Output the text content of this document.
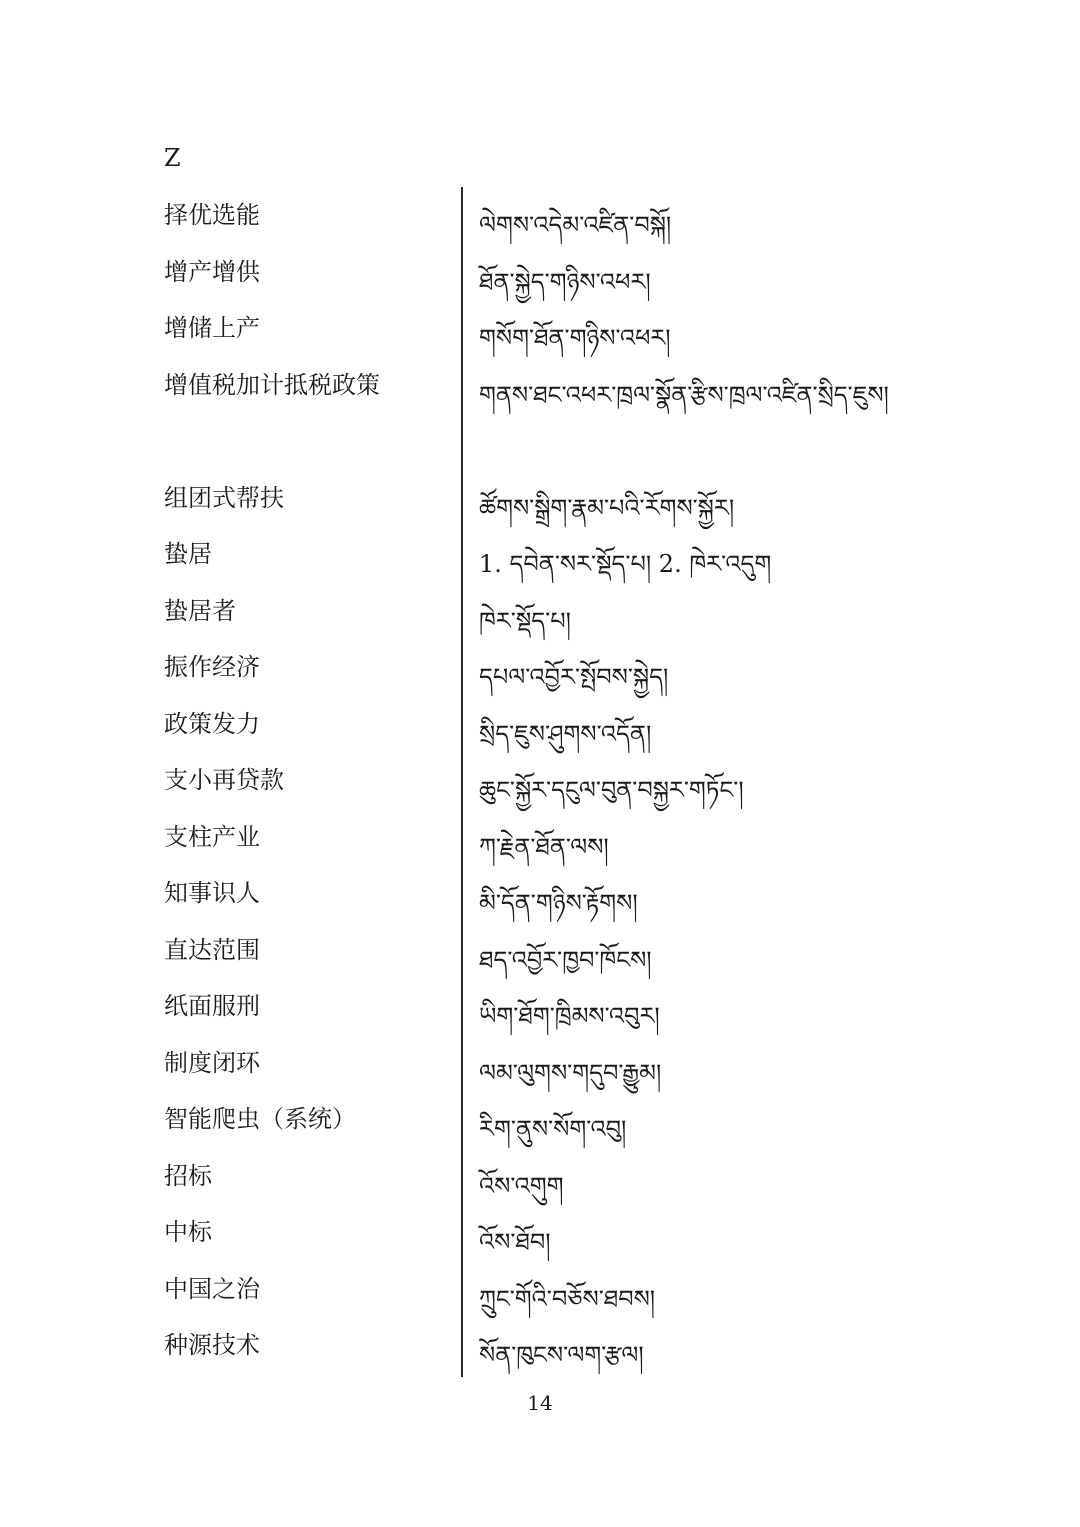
Z
择优选能	ལེགས་འདེམ་འཛིན་བསྐོ།
增产增供	ཐོན་སྐྱེད་གཉིས་འཕར།
增储上产	གསོག་ཐོན་གཉིས་འཕར།
增值税加计抵税政策	གནས་ཐང་འཕར་ཁྲལ་སྣོན་རྩིས་ཁྲལ་འཛིན་སྲིད་ཇུས།
组团式帮扶	ཚོགས་སྒྲིག་རྣམ་པའི་རོགས་སྐྱོར།
蛰居	1. དབེན་སར་སྡོད་པ། 2. ཁེར་འདུག
蛰居者	ཁེར་སྡོད་པ།
振作经济	དཔལ་འབྱོར་སྤོབས་སྐྱེད།
政策发力	སྲིད་ཇུས་ཤུགས་འདོན།
支小再贷款	ཆུང་སྐྱོར་དངུལ་བུན་བསྐྱར་གཏོང་།
支柱产业	ཀ་རྗེན་ཐོན་ལས།
知事识人	མི་དོན་གཉིས་རྟོགས།
直达范围	ཐད་འབྱོར་ཁྱབ་ཁོངས།
纸面服刑	ཡིག་ཐོག་ཁྲིམས་འབུར།
制度闭环	ལམ་ལུགས་གདུབ་རྒྱུམ།
智能爬虫（系统）	རིག་ནུས་སོག་འབུ།
招标	འོས་འགུག
中标	འོས་ཐོབ།
中国之治	ཀྲུང་གོའི་བཅོས་ཐབས།
种源技术	སོན་ཁུངས་ལག་རྩལ།
14
